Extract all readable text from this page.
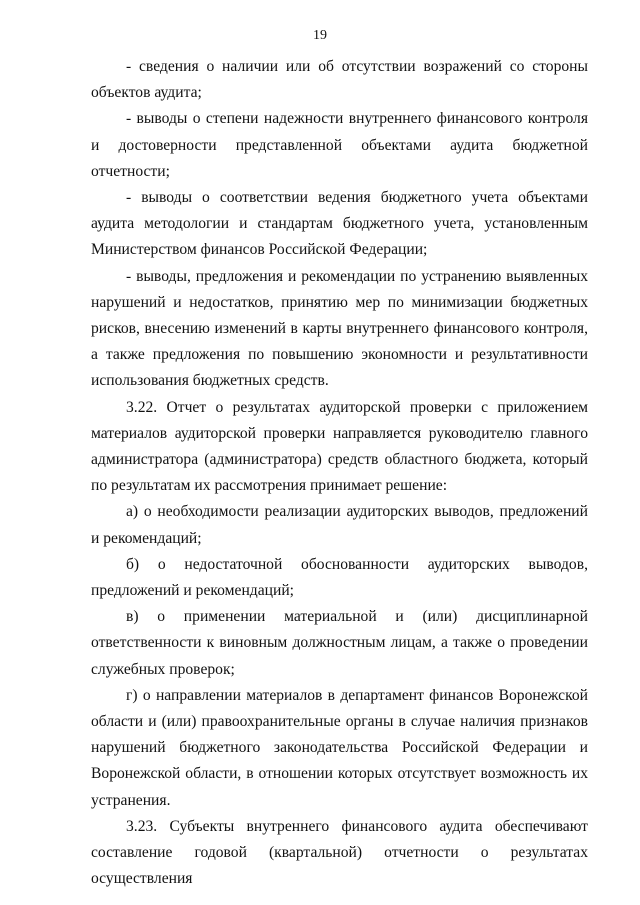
19

- сведения о наличии или об отсутствии возражений со стороны объектов аудита;

- выводы о степени надежности внутреннего финансового контроля и достоверности представленной объектами аудита бюджетной отчетности;

- выводы о соответствии ведения бюджетного учета объектами аудита методологии и стандартам бюджетного учета, установленным Министерством финансов Российской Федерации;

- выводы, предложения и рекомендации по устранению выявленных нарушений и недостатков, принятию мер по минимизации бюджетных рисков, внесению изменений в карты внутреннего финансового контроля, а также предложения по повышению экономности и результативности использования бюджетных средств.

3.22. Отчет о результатах аудиторской проверки с приложением материалов аудиторской проверки направляется руководителю главного администратора (администратора) средств областного бюджета, который по результатам их рассмотрения принимает решение:

а) о необходимости реализации аудиторских выводов, предложений и рекомендаций;

б) о недостаточной обоснованности аудиторских выводов, предложений и рекомендаций;

в) о применении материальной и (или) дисциплинарной ответственности к виновным должностным лицам, а также о проведении служебных проверок;

г) о направлении материалов в департамент финансов Воронежской области и (или) правоохранительные органы в случае наличия признаков нарушений бюджетного законодательства Российской Федерации и Воронежской области, в отношении которых отсутствует возможность их устранения.

3.23. Субъекты внутреннего финансового аудита обеспечивают составление годовой (квартальной) отчетности о результатах осуществления
